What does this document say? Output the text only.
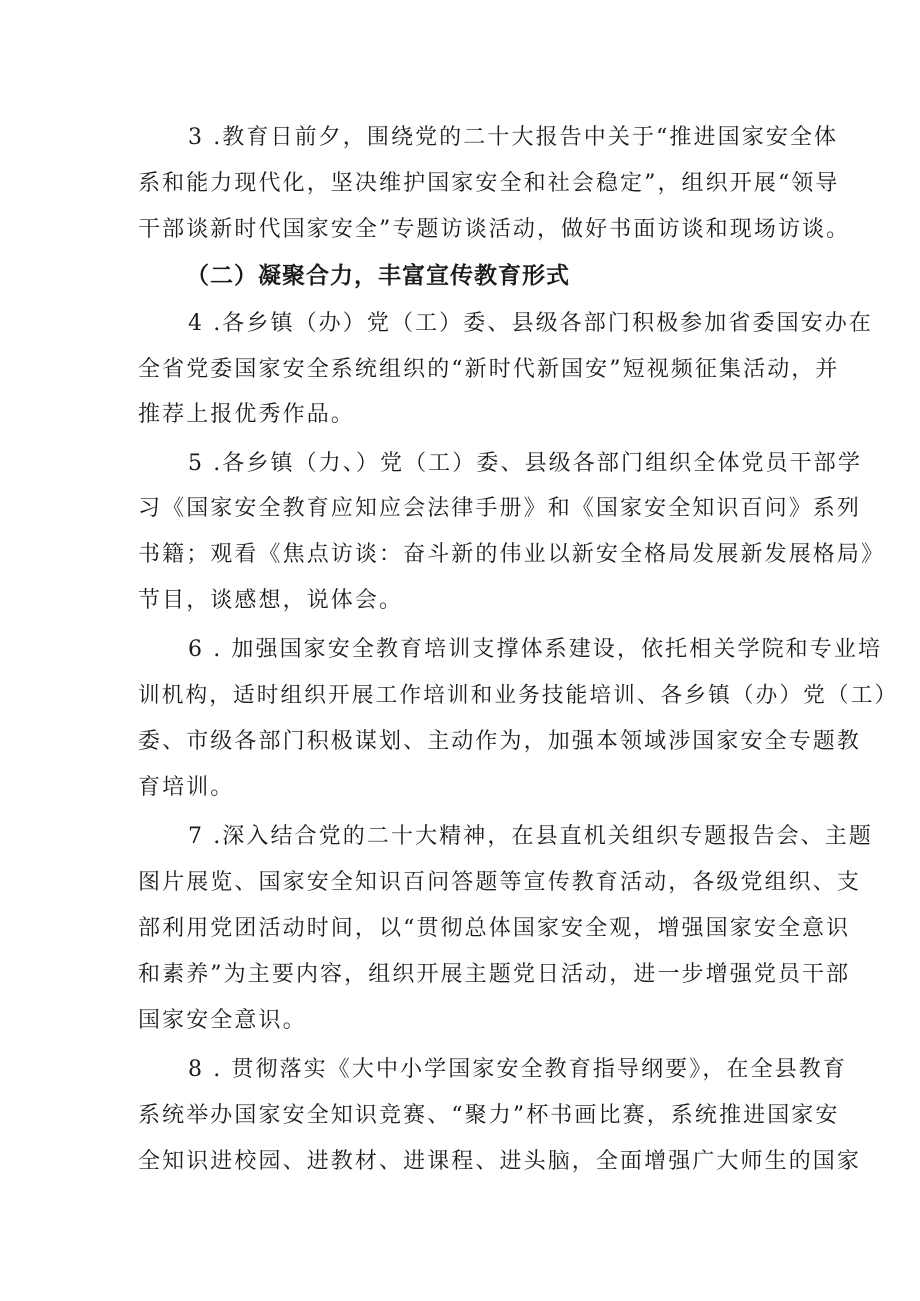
3 .教育日前夕，围绕党的二十大报告中关于“推进国家安全体
系和能力现代化，坚决维护国家安全和社会稳定”，组织开展“领导
干部谈新时代国家安全”专题访谈活动，做好书面访谈和现场访谈。
（二）凝聚合力，丰富宣传教育形式
4 .各乡镇（办）党（工）委、县级各部门积极参加省委国安办在
全省党委国家安全系统组织的“新时代新国安”短视频征集活动，并
推荐上报优秀作品。
5 .各乡镇（力、）党（工）委、县级各部门组织全体党员干部学
习《国家安全教育应知应会法律手册》和《国家安全知识百问》系列
书籍；观看《焦点访谈：奋斗新的伟业以新安全格局发展新发展格局》
节目，谈感想，说体会。
6 . 加强国家安全教育培训支撑体系建设，依托相关学院和专业培
训机构，适时组织开展工作培训和业务技能培训、各乡镇（办）党（工）
委、市级各部门积极谋划、主动作为，加强本领域涉国家安全专题教
育培训。
7 .深入结合党的二十大精神，在县直机关组织专题报告会、主题
图片展览、国家安全知识百问答题等宣传教育活动，各级党组织、支
部利用党团活动时间，以“贯彻总体国家安全观，增强国家安全意识
和素养”为主要内容，组织开展主题党日活动，进一步增强党员干部
国家安全意识。
8 . 贯彻落实《大中小学国家安全教育指导纲要》，在全县教育
系统举办国家安全知识竞赛、“聚力”杯书画比赛，系统推进国家安
全知识进校园、进教材、进课程、进头脑，全面增强广大师生的国家
